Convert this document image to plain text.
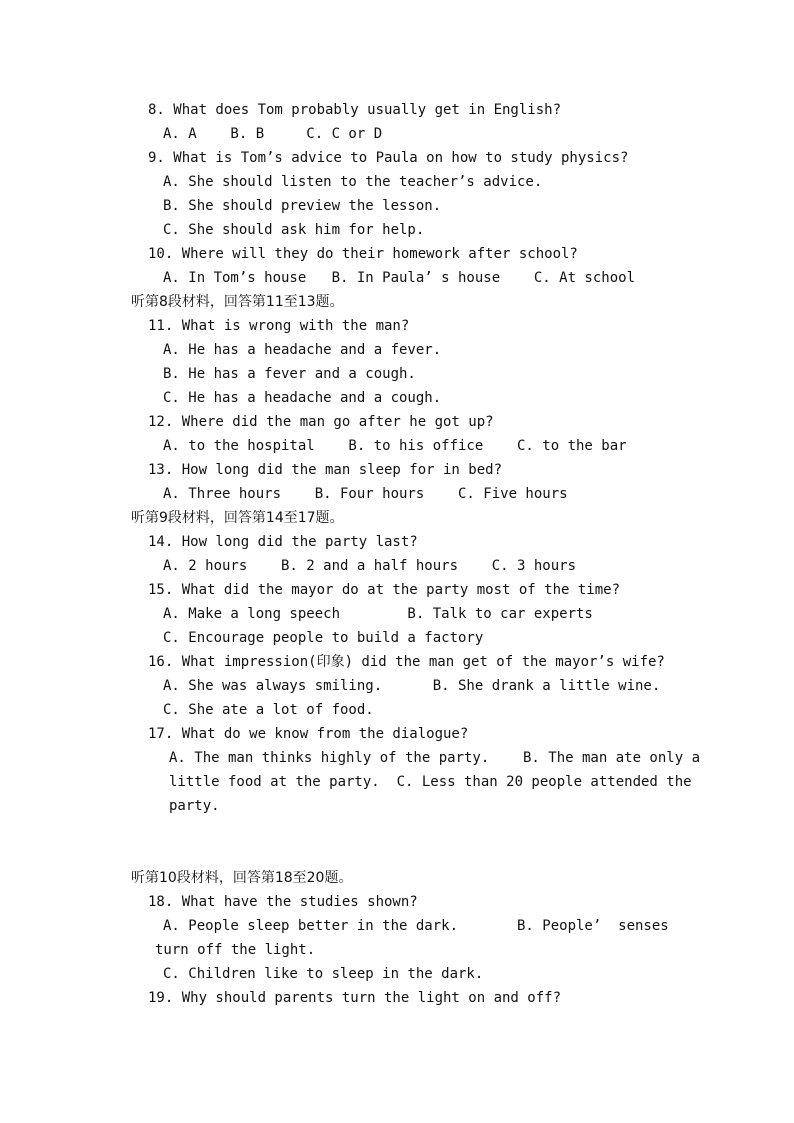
8. What does Tom probably usually get in English?
A. A    B. B     C. C or D
9. What is Tom’s advice to Paula on how to study physics?
A. She should listen to the teacher’s advice.
B. She should preview the lesson.
C. She should ask him for help.
10. Where will they do their homework after school?
A. In Tom’s house   B. In Paula’ s house    C. At school
听第8段材料，回答第11至13题。
11. What is wrong with the man?
A. He has a headache and a fever.
B. He has a fever and a cough.
C. He has a headache and a cough.
12. Where did the man go after he got up?
A. to the hospital    B. to his office    C. to the bar
13. How long did the man sleep for in bed?
A. Three hours    B. Four hours    C. Five hours
听第9段材料，回答第14至17题。
14. How long did the party last?
A. 2 hours    B. 2 and a half hours    C. 3 hours
15. What did the mayor do at the party most of the time?
A. Make a long speech        B. Talk to car experts
C. Encourage people to build a factory
16. What impression(印象) did the man get of the mayor’s wife?
A. She was always smiling.      B. She drank a little wine.
C. She ate a lot of food.
17. What do we know from the dialogue?
A. The man thinks highly of the party.    B. The man ate only a
little food at the party.  C. Less than 20 people attended the
party.
听第10段材料，回答第18至20题。
18. What have the studies shown?
A. People sleep better in the dark.       B. People’  senses
turn off the light.
C. Children like to sleep in the dark.
19. Why should parents turn the light on and off?
